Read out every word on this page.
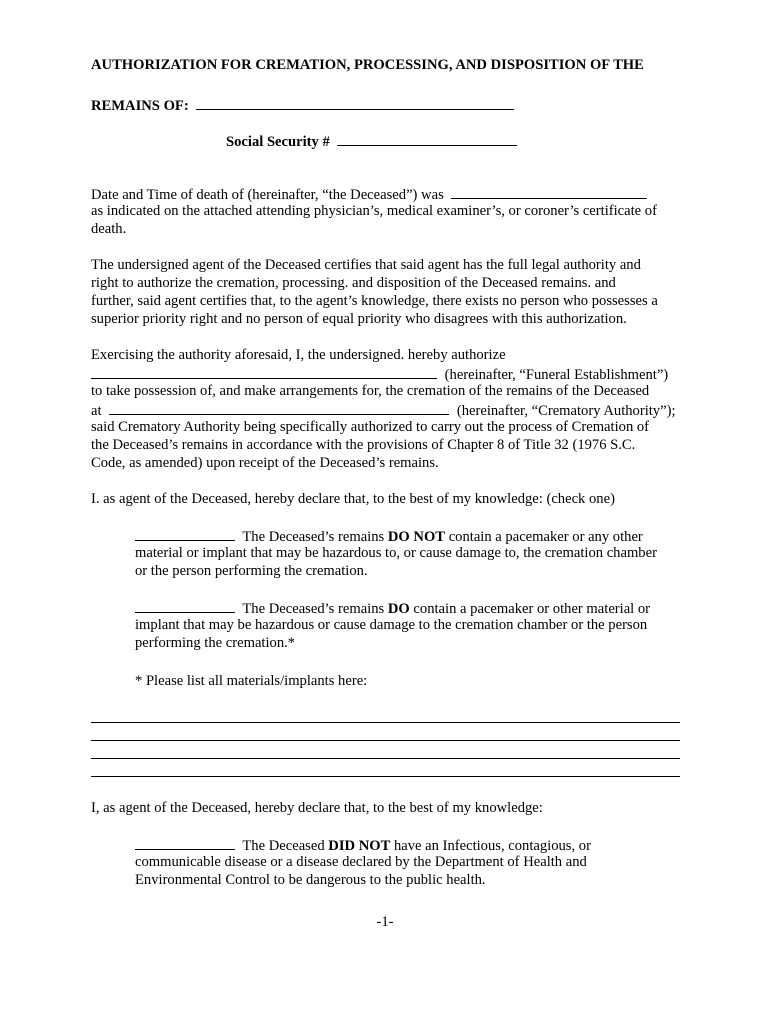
AUTHORIZATION FOR CREMATION, PROCESSING, AND DISPOSITION OF THE
REMAINS OF:
Social Security #
Date and Time of death of (hereinafter, “the Deceased”) was
as indicated on the attached attending physician’s, medical examiner’s, or coroner’s certificate of
death.
The undersigned agent of the Deceased certifies that said agent has the full legal authority and
right to authorize the cremation, processing. and disposition of the Deceased remains. and
further, said agent certifies that, to the agent’s knowledge, there exists no person who possesses a
superior priority right and no person of equal priority who disagrees with this authorization.
Exercising the authority aforesaid, I, the undersigned. hereby authorize
(hereinafter, “Funeral Establishment”)
to take possession of, and make arrangements for, the cremation of the remains of the Deceased
at	(hereinafter, “Crematory Authority”);
said Crematory Authority being specifically authorized to carry out the process of Cremation of
the Deceased’s remains in accordance with the provisions of Chapter 8 of Title 32 (1976 S.C.
Code, as amended) upon receipt of the Deceased’s remains.
I. as agent of the Deceased, hereby declare that, to the best of my knowledge: (check one)
The Deceased’s remains DO NOT contain a pacemaker or any other
material or implant that may be hazardous to, or cause damage to, the cremation chamber
or the person performing the cremation.
The Deceased’s remains DO contain a pacemaker or other material or
implant that may be hazardous or cause damage to the cremation chamber or the person
performing the cremation.*
* Please list all materials/implants here:
I, as agent of the Deceased, hereby declare that, to the best of my knowledge:
The Deceased DID NOT have an Infectious, contagious, or
communicable disease or a disease declared by the Department of Health and
Environmental Control to be dangerous to the public health.
-1-
